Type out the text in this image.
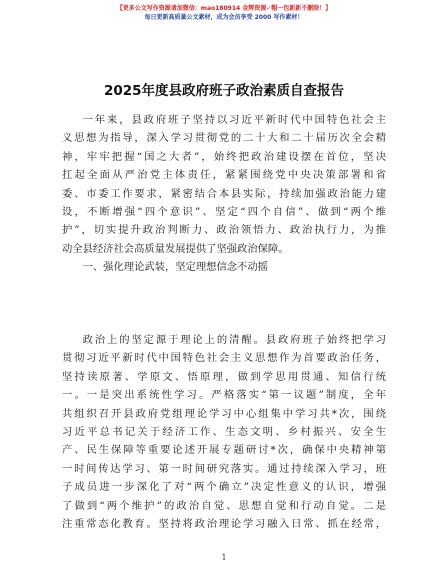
【更多公文写作资源请加微信：mao180914 金辉资源✓帽一包新新不删除！】
每日更新高质量公文素材，成为会员享受 2000 写作素材！
2025年度县政府班子政治素质自查报告
一年来，县政府班子坚持以习近平新时代中国特色社会主
义思想为指导，深入学习贯彻党的二十大和二十届历次全会精
神，牢牢把握“国之大者”，始终把政治建设摆在首位，坚决
扛起全面从严治党主体责任，紧紧围绕党中央决策部署和省
委、市委工作要求，紧密结合本县实际，持续加强政治能力建
设，不断增强“四个意识”、坚定“四个自信”、做到“两个维
护”，切实提升政治判断力、政治领悟力、政治执行力，为推
动全县经济社会高质量发展提供了坚强政治保障。
一、强化理论武装，坚定理想信念不动摇
政治上的坚定源于理论上的清醒。县政府班子始终把学习
贯彻习近平新时代中国特色社会主义思想作为首要政治任务，
坚持读原著、学原文、悟原理，做到学思用贯通、知信行统
一。一是突出系统性学习。严格落实“第一议题”制度，全年
共组织召开县政府党组理论学习中心组集中学习共*次，围绕
习近平总书记关于经济工作、生态文明、乡村振兴、安全生
产、民生保障等重要论述开展专题研讨*次，确保中央精神第
一时间传达学习、第一时间研究落实。通过持续深入学习，班
子成员进一步深化了对“两个确立”决定性意义的认识，增强
了做到“两个维护”的政治自觉、思想自觉和行动自觉。二是
注重常态化教育。坚持将政治理论学习融入日常、抓在经常，
1
